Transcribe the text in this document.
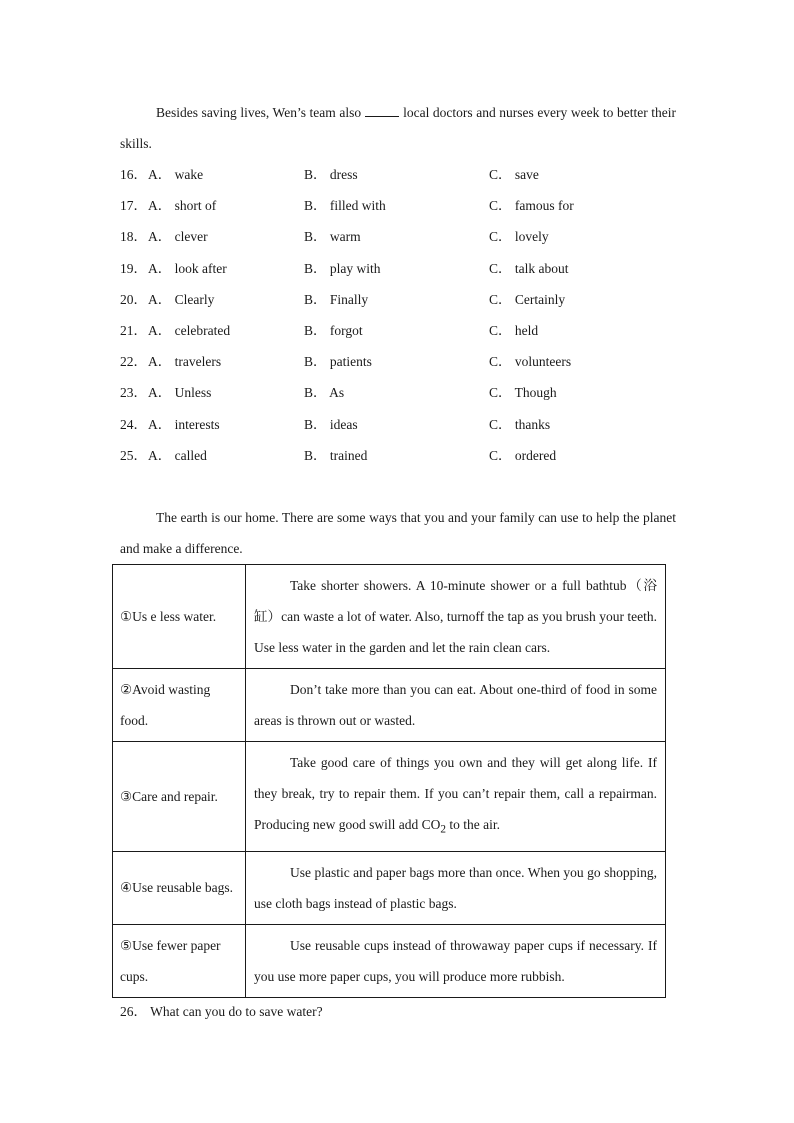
Besides saving lives, Wen’s team also	local doctors and nurses every week to better their skills.

16． A． wake	B． dress	C． save
17． A． short of	B． filled with	C． famous for
18． A． clever	B． warm	C． lovely
19． A． look after	B． play with	C． talk about
20． A． Clearly	B． Finally	C． Certainly
21． A． celebrated	B． forgot	C． held
22． A． travelers	B． patients	C． volunteers
23． A． Unless	B． As	C． Though
24． A． interests	B． ideas	C． thanks
25． A． called	B． trained	C． ordered

The earth is our home. There are some ways that you and your family can use to help the planet and make a difference.

①Us e less water.	Take shorter showers. A 10-minute shower or a full bathtub（浴缸）can waste a lot of water. Also, turnoff the tap as you brush your teeth. Use less water in the garden and let the rain clean cars.
②Avoid wasting food.	Don’t take more than you can eat. About one-third of food in some areas is thrown out or wasted.
③Care and repair.	Take good care of things you own and they will get along life. If they break, try to repair them. If you can’t repair them, call a repairman. Producing new good swill add $CO_2$ to the air.
④Use reusable bags.	Use plastic and paper bags more than once. When you go shopping, use cloth bags instead of plastic bags.
⑤Use fewer paper cups.	Use reusable cups instead of throwaway paper cups if necessary. If you use more paper cups, you will produce more rubbish.
26． What can you do to save water?
